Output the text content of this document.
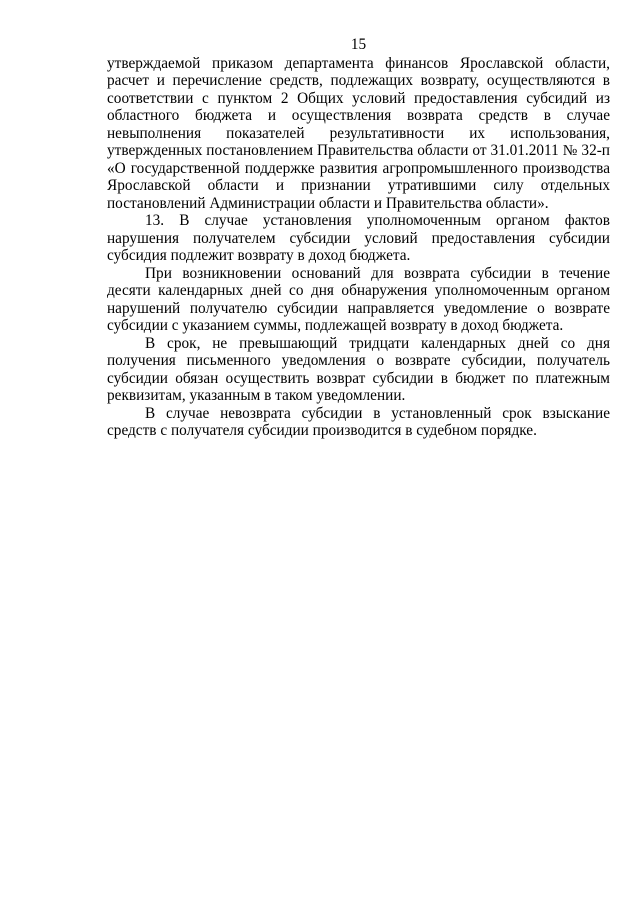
15

утверждаемой приказом департамента финансов Ярославской области, расчет и перечисление средств, подлежащих возврату, осуществляются в соответствии с пунктом 2 Общих условий предоставления субсидий из областного бюджета и осуществления возврата средств в случае невыполнения показателей результативности их использования, утвержденных постановлением Правительства области от 31.01.2011 № 32-п «О государственной поддержке развития агропромышленного производства Ярославской области и признании утратившими силу отдельных постановлений Администрации области и Правительства области».

13. В случае установления уполномоченным органом фактов нарушения получателем субсидии условий предоставления субсидии субсидия подлежит возврату в доход бюджета.

При возникновении оснований для возврата субсидии в течение десяти календарных дней со дня обнаружения уполномоченным органом нарушений получателю субсидии направляется уведомление о возврате субсидии с указанием суммы, подлежащей возврату в доход бюджета.

В срок, не превышающий тридцати календарных дней со дня получения письменного уведомления о возврате субсидии, получатель субсидии обязан осуществить возврат субсидии в бюджет по платежным реквизитам, указанным в таком уведомлении.

В случае невозврата субсидии в установленный срок взыскание средств с получателя субсидии производится в судебном порядке.
